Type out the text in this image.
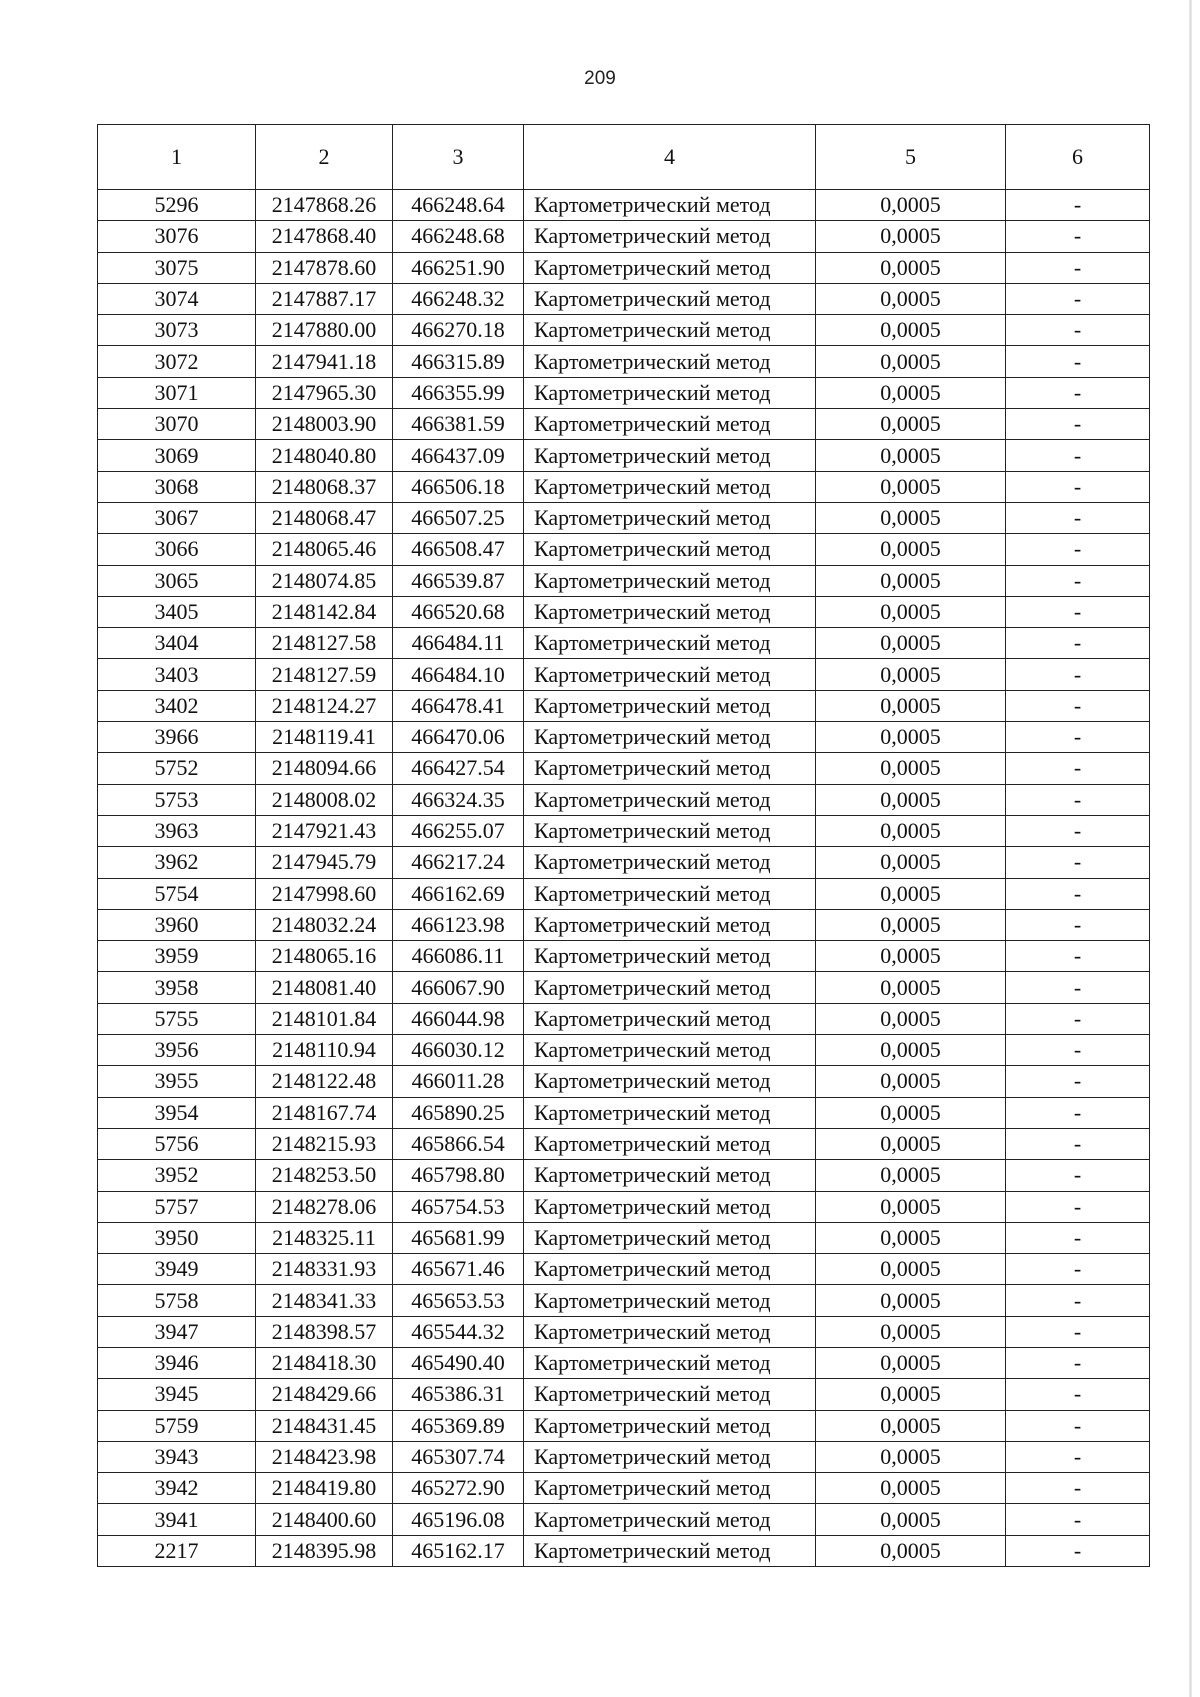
209
1	2	3	4	5	6
5296	2147868.26	466248.64	Картометрический метод	0,0005	-
3076	2147868.40	466248.68	Картометрический метод	0,0005	-
3075	2147878.60	466251.90	Картометрический метод	0,0005	-
3074	2147887.17	466248.32	Картометрический метод	0,0005	-
3073	2147880.00	466270.18	Картометрический метод	0,0005	-
3072	2147941.18	466315.89	Картометрический метод	0,0005	-
3071	2147965.30	466355.99	Картометрический метод	0,0005	-
3070	2148003.90	466381.59	Картометрический метод	0,0005	-
3069	2148040.80	466437.09	Картометрический метод	0,0005	-
3068	2148068.37	466506.18	Картометрический метод	0,0005	-
3067	2148068.47	466507.25	Картометрический метод	0,0005	-
3066	2148065.46	466508.47	Картометрический метод	0,0005	-
3065	2148074.85	466539.87	Картометрический метод	0,0005	-
3405	2148142.84	466520.68	Картометрический метод	0,0005	-
3404	2148127.58	466484.11	Картометрический метод	0,0005	-
3403	2148127.59	466484.10	Картометрический метод	0,0005	-
3402	2148124.27	466478.41	Картометрический метод	0,0005	-
3966	2148119.41	466470.06	Картометрический метод	0,0005	-
5752	2148094.66	466427.54	Картометрический метод	0,0005	-
5753	2148008.02	466324.35	Картометрический метод	0,0005	-
3963	2147921.43	466255.07	Картометрический метод	0,0005	-
3962	2147945.79	466217.24	Картометрический метод	0,0005	-
5754	2147998.60	466162.69	Картометрический метод	0,0005	-
3960	2148032.24	466123.98	Картометрический метод	0,0005	-
3959	2148065.16	466086.11	Картометрический метод	0,0005	-
3958	2148081.40	466067.90	Картометрический метод	0,0005	-
5755	2148101.84	466044.98	Картометрический метод	0,0005	-
3956	2148110.94	466030.12	Картометрический метод	0,0005	-
3955	2148122.48	466011.28	Картометрический метод	0,0005	-
3954	2148167.74	465890.25	Картометрический метод	0,0005	-
5756	2148215.93	465866.54	Картометрический метод	0,0005	-
3952	2148253.50	465798.80	Картометрический метод	0,0005	-
5757	2148278.06	465754.53	Картометрический метод	0,0005	-
3950	2148325.11	465681.99	Картометрический метод	0,0005	-
3949	2148331.93	465671.46	Картометрический метод	0,0005	-
5758	2148341.33	465653.53	Картометрический метод	0,0005	-
3947	2148398.57	465544.32	Картометрический метод	0,0005	-
3946	2148418.30	465490.40	Картометрический метод	0,0005	-
3945	2148429.66	465386.31	Картометрический метод	0,0005	-
5759	2148431.45	465369.89	Картометрический метод	0,0005	-
3943	2148423.98	465307.74	Картометрический метод	0,0005	-
3942	2148419.80	465272.90	Картометрический метод	0,0005	-
3941	2148400.60	465196.08	Картометрический метод	0,0005	-
2217	2148395.98	465162.17	Картометрический метод	0,0005	-
